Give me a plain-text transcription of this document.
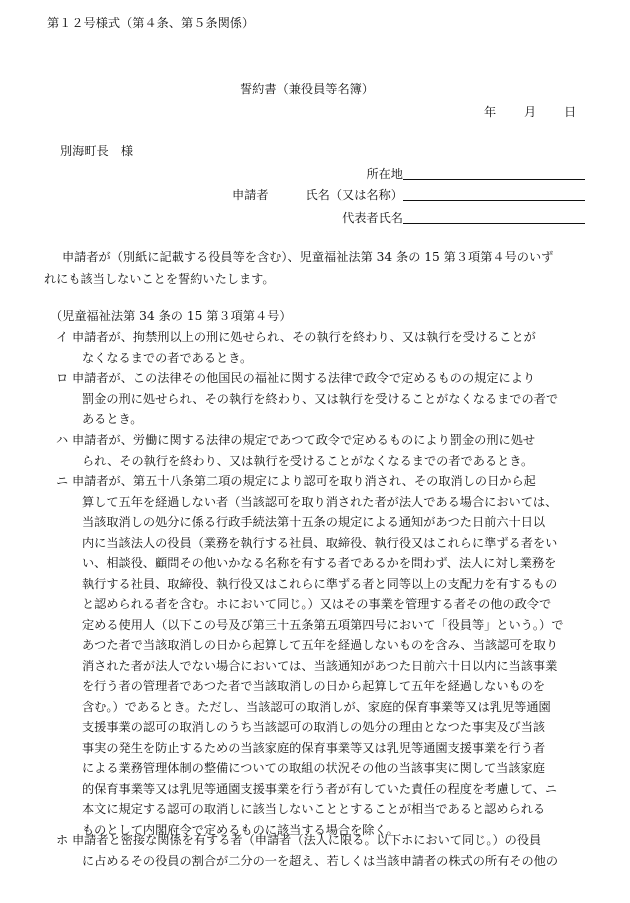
第１２号様式（第４条、第５条関係）
誓約書（兼役員等名簿）
年 月 日
別海町長　様
申請者
所在地
氏名（又は名称）
代表者氏名
申請者が（別紙に記載する役員等を含む）、児童福祉法第 34 条の 15 第３項第４号のいず
れにも該当しないことを誓約いたします。
（児童福祉法第 34 条の 15 第３項第４号）
イ 申請者が、拘禁刑以上の刑に処せられ、その執行を終わり、又は執行を受けることが
なくなるまでの者であるとき。
ロ 申請者が、この法律その他国民の福祉に関する法律で政令で定めるものの規定により
罰金の刑に処せられ、その執行を終わり、又は執行を受けることがなくなるまでの者で
あるとき。
ハ 申請者が、労働に関する法律の規定であつて政令で定めるものにより罰金の刑に処せ
られ、その執行を終わり、又は執行を受けることがなくなるまでの者であるとき。
ニ 申請者が、第五十八条第二項の規定により認可を取り消され、その取消しの日から起
算して五年を経過しない者（当該認可を取り消された者が法人である場合においては、
当該取消しの処分に係る行政手続法第十五条の規定による通知があつた日前六十日以
内に当該法人の役員（業務を執行する社員、取締役、執行役又はこれらに準ずる者をい
い、相談役、顧問その他いかなる名称を有する者であるかを問わず、法人に対し業務を
執行する社員、取締役、執行役又はこれらに準ずる者と同等以上の支配力を有するもの
と認められる者を含む。ホにおいて同じ。）又はその事業を管理する者その他の政令で
定める使用人（以下この号及び第三十五条第五項第四号において「役員等」という。）で
あつた者で当該取消しの日から起算して五年を経過しないものを含み、当該認可を取り
消された者が法人でない場合においては、当該通知があつた日前六十日以内に当該事業
を行う者の管理者であつた者で当該取消しの日から起算して五年を経過しないものを
含む。）であるとき。ただし、当該認可の取消しが、家庭的保育事業等又は乳児等通園
支援事業の認可の取消しのうち当該認可の取消しの処分の理由となつた事実及び当該
事実の発生を防止するための当該家庭的保育事業等又は乳児等通園支援事業を行う者
による業務管理体制の整備についての取組の状況その他の当該事実に関して当該家庭
的保育事業等又は乳児等通園支援事業を行う者が有していた責任の程度を考慮して、ニ
本文に規定する認可の取消しに該当しないこととすることが相当であると認められる
ものとして内閣府令で定めるものに該当する場合を除く。
ホ 申請者と密接な関係を有する者（申請者（法人に限る。以下ホにおいて同じ。）の役員
に占めるその役員の割合が二分の一を超え、若しくは当該申請者の株式の所有その他の
